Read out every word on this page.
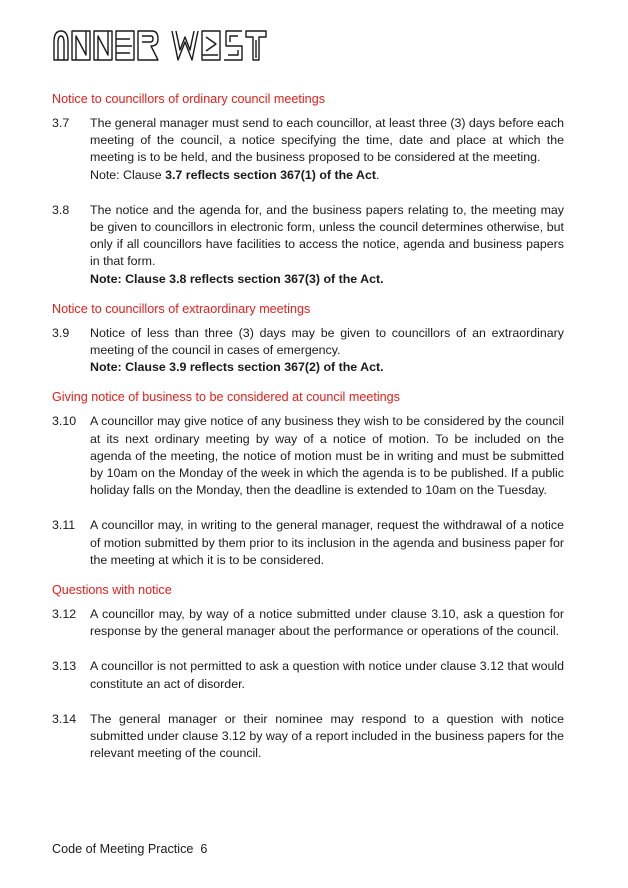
Notice to councillors of ordinary council meetings
3.7	The general manager must send to each councillor, at least three (3) days before each meeting of the council, a notice specifying the time, date and place at which the meeting is to be held, and the business proposed to be considered at the meeting.

Note: Clause 3.7 reflects section 367(1) of the Act.

3.8	The notice and the agenda for, and the business papers relating to, the meeting may be given to councillors in electronic form, unless the council determines otherwise, but only if all councillors have facilities to access the notice, agenda and business papers in that form.

Note: Clause 3.8 reflects section 367(3) of the Act.

Notice to councillors of extraordinary meetings
3.9	Notice of less than three (3) days may be given to councillors of an extraordinary meeting of the council in cases of emergency.

Note: Clause 3.9 reflects section 367(2) of the Act.

Giving notice of business to be considered at council meetings
3.10	A councillor may give notice of any business they wish to be considered by the council at its next ordinary meeting by way of a notice of motion. To be included on the agenda of the meeting, the notice of motion must be in writing and must be submitted by 10am on the Monday of the week in which the agenda is to be published. If a public holiday falls on the Monday, then the deadline is extended to 10am on the Tuesday.

3.11	A councillor may, in writing to the general manager, request the withdrawal of a notice of motion submitted by them prior to its inclusion in the agenda and business paper for the meeting at which it is to be considered.

Questions with notice
3.12	A councillor may, by way of a notice submitted under clause 3.10, ask a question for response by the general manager about the performance or operations of the council.

3.13	A councillor is not permitted to ask a question with notice under clause 3.12 that would constitute an act of disorder.

3.14	The general manager or their nominee may respond to a question with notice submitted under clause 3.12 by way of a report included in the business papers for the relevant meeting of the council.

Code of Meeting Practice 6
